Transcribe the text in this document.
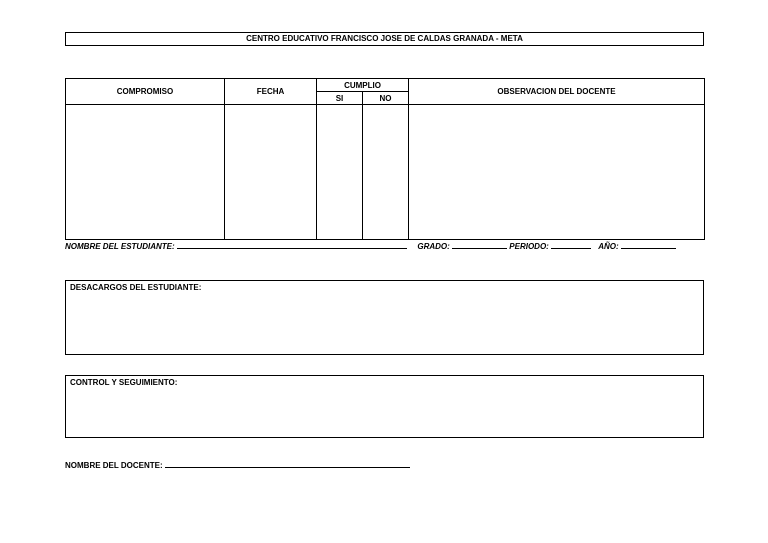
CENTRO EDUCATIVO FRANCISCO JOSE DE CALDAS GRANADA - META
COMPROMISO	FECHA	CUMPLIO		OBSERVACION DEL DOCENTE
		SI	NO	

NOMBRE DEL ESTUDIANTE:	GRADO:	PERIODO:	AÑO:
DESACARGOS DEL ESTUDIANTE:
CONTROL Y SEGUIMIENTO:
NOMBRE DEL DOCENTE:
